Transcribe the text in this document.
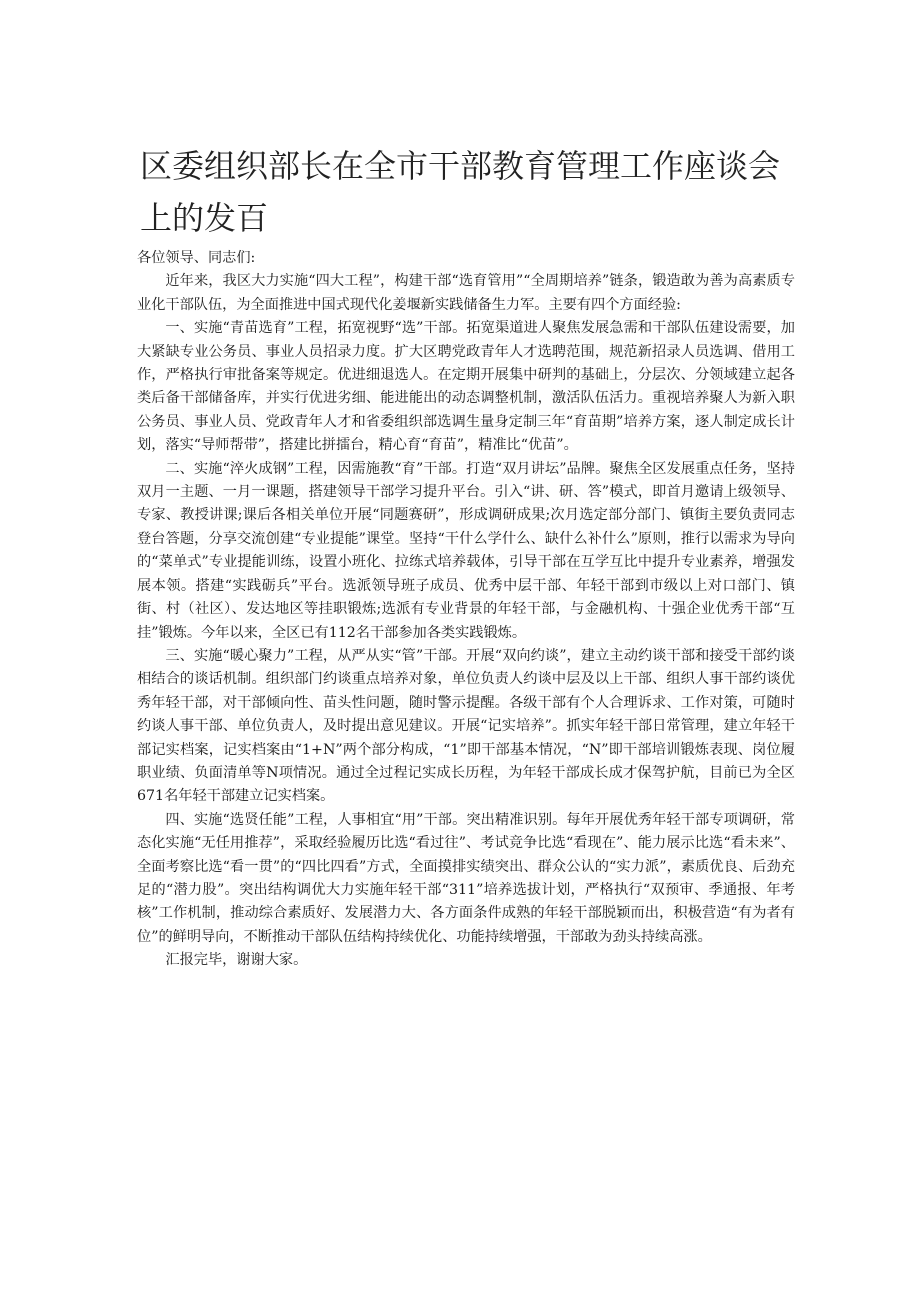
区委组织部长在全市干部教育管理工作座谈会上的发百

各位领导、同志们:

近年来，我区大力实施“四大工程”，构建干部“选育管用”“全周期培养”链条，锻造敢为善为高素质专业化干部队伍，为全面推进中国式现代化姜堰新实践储备生力军。主要有四个方面经验:

一、实施“青苗选育”工程，拓宽视野“选”干部。拓宽渠道进人聚焦发展急需和干部队伍建设需要，加大紧缺专业公务员、事业人员招录力度。扩大区聘党政青年人才选聘范围，规范新招录人员选调、借用工作，严格执行审批备案等规定。优进细退选人。在定期开展集中研判的基础上，分层次、分领域建立起各类后备干部储备库，并实行优进劣细、能进能出的动态调整机制，激活队伍活力。重视培养聚人为新入职公务员、事业人员、党政青年人才和省委组织部选调生量身定制三年“育苗期”培养方案，逐人制定成长计划，落实“导师帮带”，搭建比拼擂台，精心育“育苗”，精准比“优苗”。

二、实施“淬火成钢”工程，因需施教“育”干部。打造“双月讲坛”品牌。聚焦全区发展重点任务，坚持双月一主题、一月一课题，搭建领导干部学习提升平台。引入“讲、研、答”模式，即首月邀请上级领导、专家、教授讲课;课后各相关单位开展“同题赛研”，形成调研成果;次月选定部分部门、镇街主要负责同志登台答题，分享交流创建“专业提能”课堂。坚持“干什么学什么、缺什么补什么”原则，推行以需求为导向的“菜单式”专业提能训练，设置小班化、拉练式培养载体，引导干部在互学互比中提升专业素养，增强发展本领。搭建“实践砺兵”平台。选派领导班子成员、优秀中层干部、年轻干部到市级以上对口部门、镇街、村（社区）、发达地区等挂职锻炼;选派有专业背景的年轻干部，与金融机构、十强企业优秀干部“互挂”锻炼。今年以来，全区已有112名干部参加各类实践锻炼。

三、实施“暖心聚力”工程，从严从实“管”干部。开展“双向约谈”，建立主动约谈干部和接受干部约谈相结合的谈话机制。组织部门约谈重点培养对象，单位负责人约谈中层及以上干部、组织人事干部约谈优秀年轻干部，对干部倾向性、苗头性问题，随时警示提醒。各级干部有个人合理诉求、工作对策，可随时约谈人事干部、单位负责人，及时提出意见建议。开展“记实培养”。抓实年轻干部日常管理，建立年轻干部记实档案，记实档案由“1+N”两个部分构成，“1”即干部基本情况，“N”即干部培训锻炼表现、岗位履职业绩、负面清单等N项情况。通过全过程记实成长历程，为年轻干部成长成才保驾护航，目前已为全区671名年轻干部建立记实档案。

四、实施“选贤任能”工程，人事相宜“用”干部。突出精准识别。每年开展优秀年轻干部专项调研，常态化实施“无任用推荐”，采取经验履历比选“看过往”、考试竞争比选“看现在”、能力展示比选“看未来”、全面考察比选“看一贯”的“四比四看”方式，全面摸排实绩突出、群众公认的“实力派”，素质优良、后劲充足的“潜力股”。突出结构调优大力实施年轻干部“311”培养选拔计划，严格执行“双预审、季通报、年考核”工作机制，推动综合素质好、发展潜力大、各方面条件成熟的年轻干部脱颖而出，积极营造“有为者有位”的鲜明导向，不断推动干部队伍结构持续优化、功能持续增强，干部敢为劲头持续高涨。

汇报完毕，谢谢大家。
